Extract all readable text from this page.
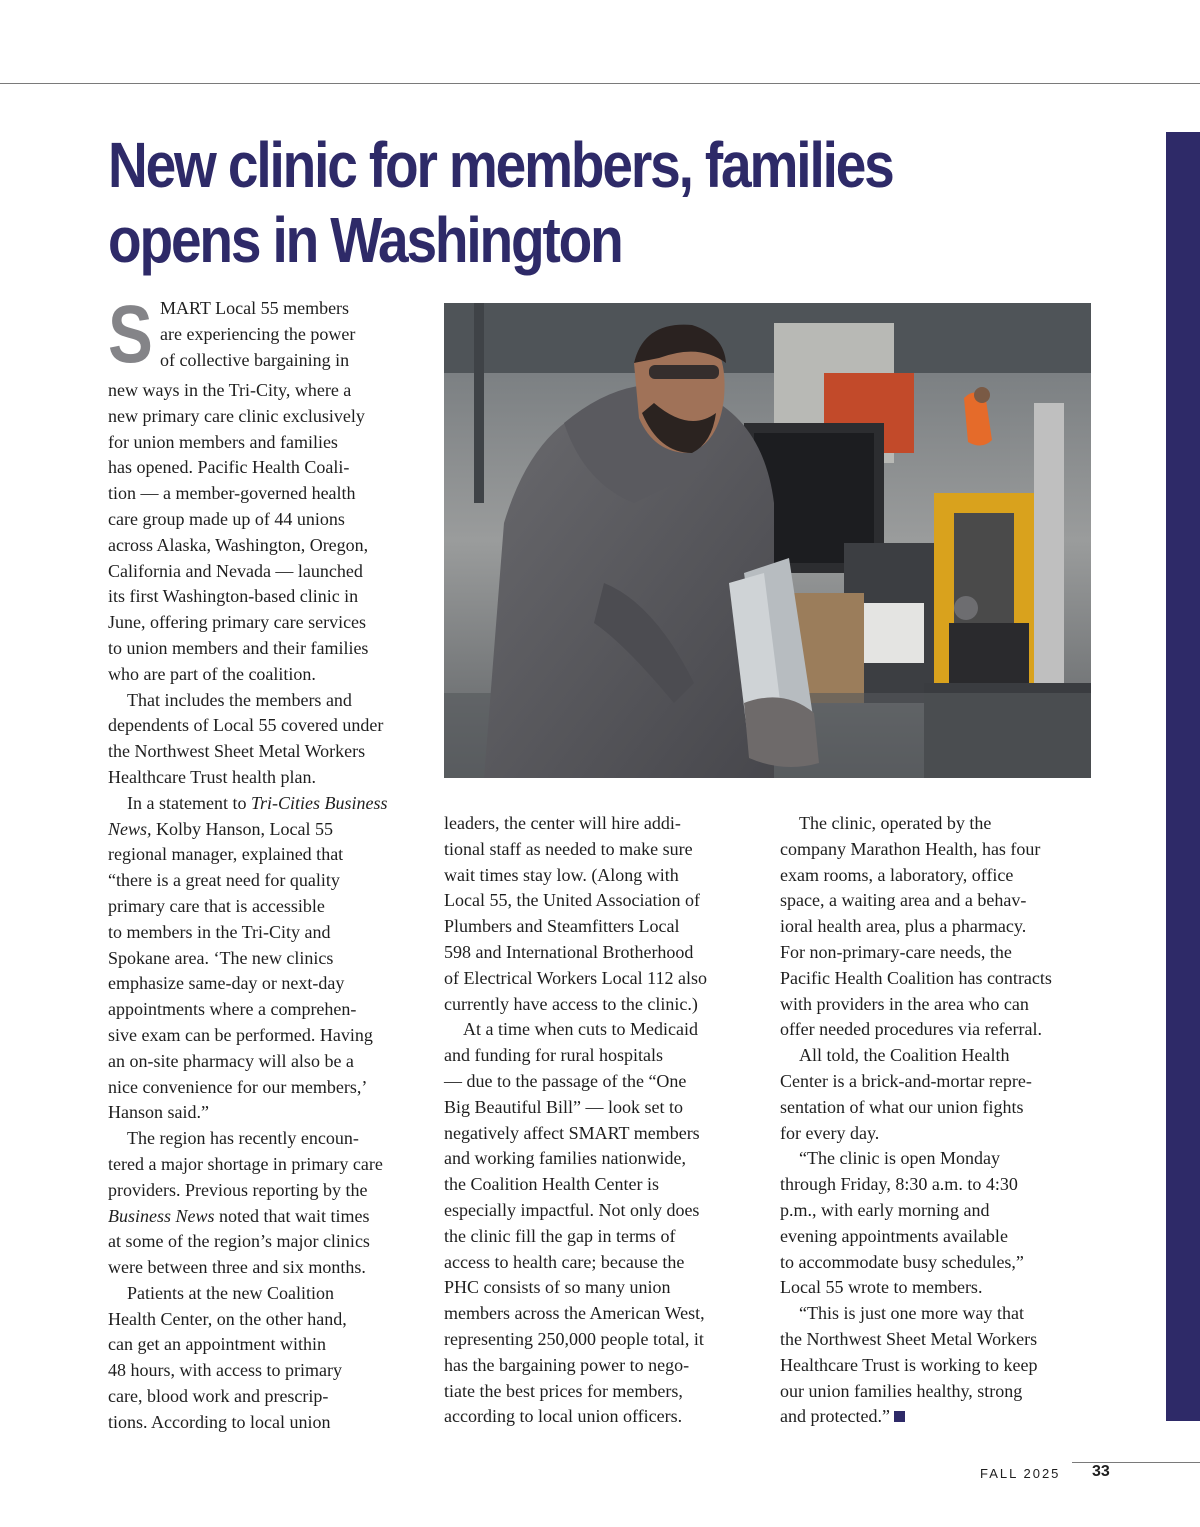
New clinic for members, families
opens in Washington

S MART Local 55 members
are experiencing the power
of collective bargaining in
new ways in the Tri-City, where a
new primary care clinic exclusively
for union members and families
has opened. Pacific Health Coali-
tion — a member-governed health
care group made up of 44 unions
across Alaska, Washington, Oregon,
California and Nevada — launched
its first Washington-based clinic in
June, offering primary care services
to union members and their families
who are part of the coalition.

That includes the members and
dependents of Local 55 covered under
the Northwest Sheet Metal Workers
Healthcare Trust health plan.

In a statement to Tri-Cities Business
News, Kolby Hanson, Local 55
regional manager, explained that
“there is a great need for quality
primary care that is accessible
to members in the Tri-City and
Spokane area. ‘The new clinics
emphasize same-day or next-day
appointments where a comprehen-
sive exam can be performed. Having
an on-site pharmacy will also be a
nice convenience for our members,’
Hanson said.”

The region has recently encoun-
tered a major shortage in primary care
providers. Previous reporting by the
Business News noted that wait times
at some of the region’s major clinics
were between three and six months.

Patients at the new Coalition
Health Center, on the other hand,
can get an appointment within
48 hours, with access to primary
care, blood work and prescrip-
tions. According to local union

leaders, the center will hire addi-
tional staff as needed to make sure
wait times stay low. (Along with
Local 55, the United Association of
Plumbers and Steamfitters Local
598 and International Brotherhood
of Electrical Workers Local 112 also
currently have access to the clinic.)

At a time when cuts to Medicaid
and funding for rural hospitals
— due to the passage of the “One
Big Beautiful Bill” — look set to
negatively affect SMART members
and working families nationwide,
the Coalition Health Center is
especially impactful. Not only does
the clinic fill the gap in terms of
access to health care; because the
PHC consists of so many union
members across the American West,
representing 250,000 people total, it
has the bargaining power to nego-
tiate the best prices for members,
according to local union officers.

The clinic, operated by the
company Marathon Health, has four
exam rooms, a laboratory, office
space, a waiting area and a behav-
ioral health area, plus a pharmacy.
For non-primary-care needs, the
Pacific Health Coalition has contracts
with providers in the area who can
offer needed procedures via referral.

All told, the Coalition Health
Center is a brick-and-mortar repre-
sentation of what our union fights
for every day.

“The clinic is open Monday
through Friday, 8:30 a.m. to 4:30
p.m., with early morning and
evening appointments available
to accommodate busy schedules,”
Local 55 wrote to members.

“This is just one more way that
the Northwest Sheet Metal Workers
Healthcare Trust is working to keep
our union families healthy, strong
and protected.”

FALL 2025 33
